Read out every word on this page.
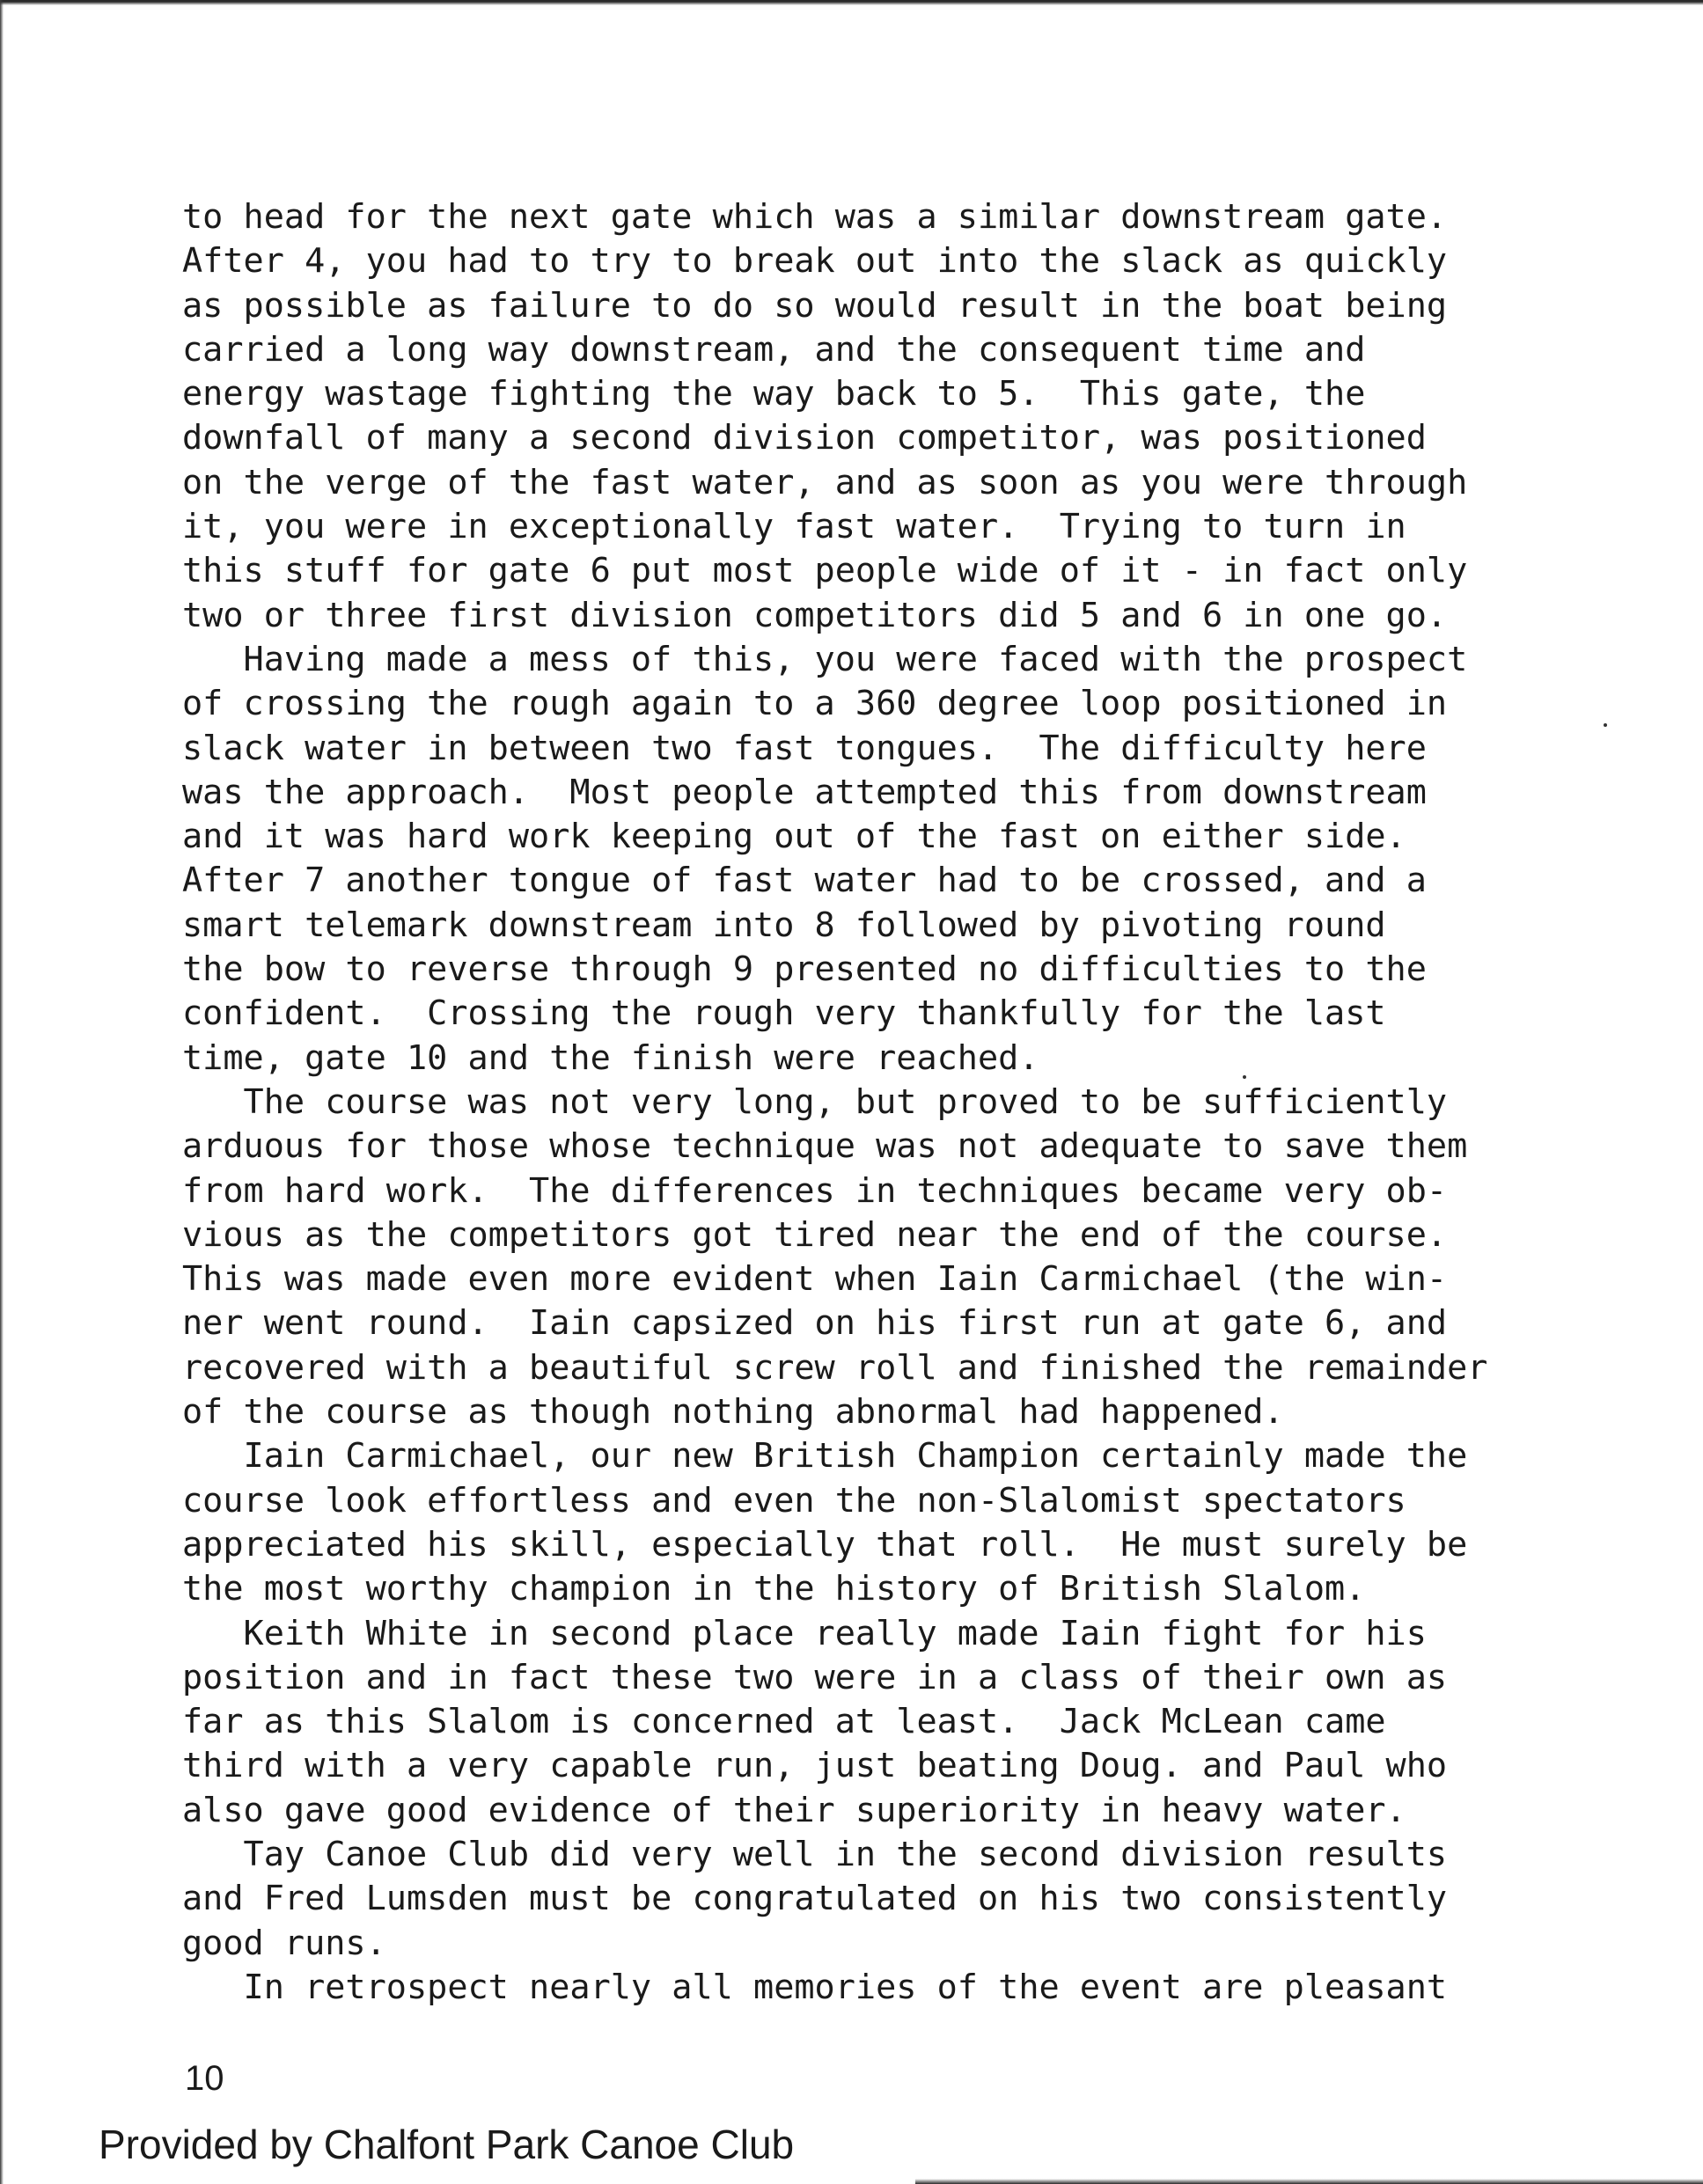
to head for the next gate which was a similar downstream gate.
After 4, you had to try to break out into the slack as quickly
as possible as failure to do so would result in the boat being
carried a long way downstream, and the consequent time and
energy wastage fighting the way back to 5.  This gate, the
downfall of many a second division competitor, was positioned
on the verge of the fast water, and as soon as you were through
it, you were in exceptionally fast water.  Trying to turn in
this stuff for gate 6 put most people wide of it - in fact only
two or three first division competitors did 5 and 6 in one go.
Having made a mess of this, you were faced with the prospect
of crossing the rough again to a 360 degree loop positioned in
slack water in between two fast tongues.  The difficulty here
was the approach.  Most people attempted this from downstream
and it was hard work keeping out of the fast on either side.
After 7 another tongue of fast water had to be crossed, and a
smart telemark downstream into 8 followed by pivoting round
the bow to reverse through 9 presented no difficulties to the
confident.  Crossing the rough very thankfully for the last
time, gate 10 and the finish were reached.
The course was not very long, but proved to be sufficiently
arduous for those whose technique was not adequate to save them
from hard work.  The differences in techniques became very ob-
vious as the competitors got tired near the end of the course.
This was made even more evident when Iain Carmichael (the win-
ner went round.  Iain capsized on his first run at gate 6, and
recovered with a beautiful screw roll and finished the remainder
of the course as though nothing abnormal had happened.
Iain Carmichael, our new British Champion certainly made the
course look effortless and even the non-Slalomist spectators
appreciated his skill, especially that roll.  He must surely be
the most worthy champion in the history of British Slalom.
Keith White in second place really made Iain fight for his
position and in fact these two were in a class of their own as
far as this Slalom is concerned at least.  Jack McLean came
third with a very capable run, just beating Doug. and Paul who
also gave good evidence of their superiority in heavy water.
Tay Canoe Club did very well in the second division results
and Fred Lumsden must be congratulated on his two consistently
good runs.
In retrospect nearly all memories of the event are pleasant
10
Provided by Chalfont Park Canoe Club
